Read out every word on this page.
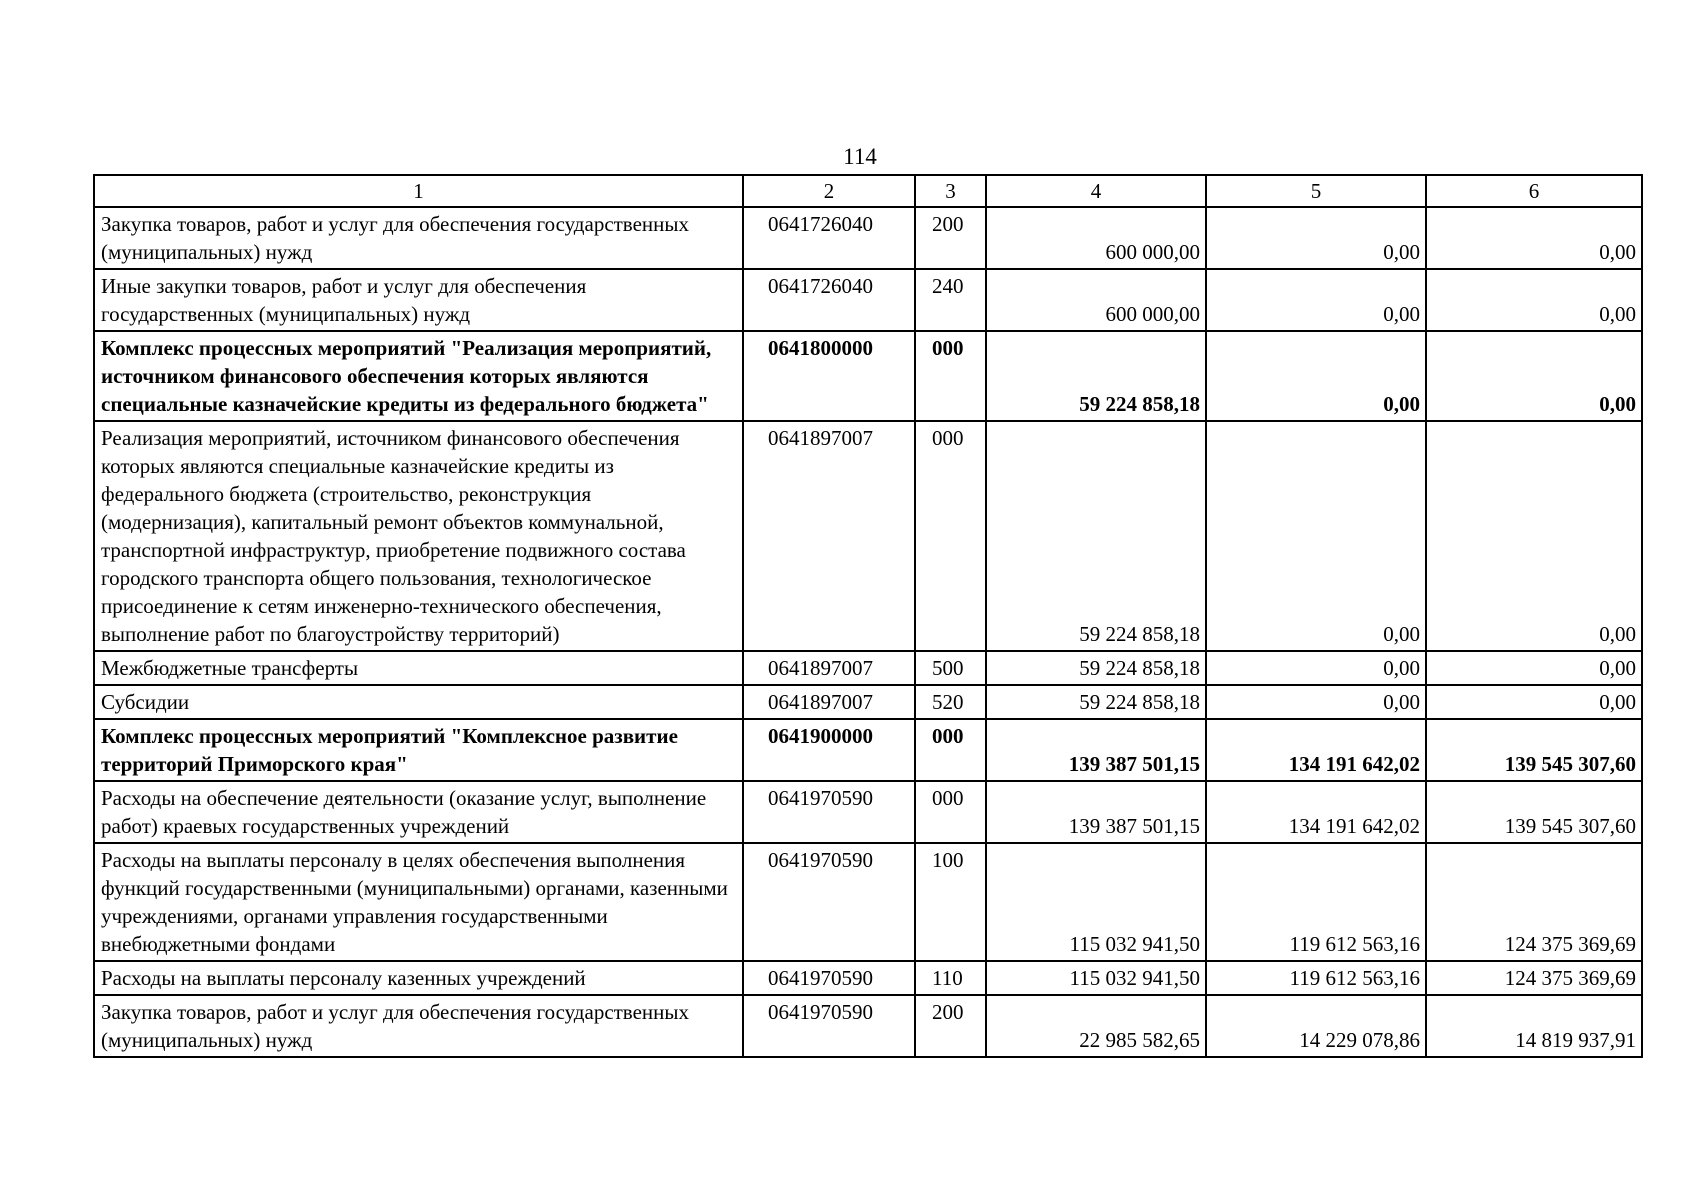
114
1	2	3	4	5	6
Закупка товаров, работ и услуг для обеспечения государственных (муниципальных) нужд	0641726040	200	600 000,00	0,00	0,00
Иные закупки товаров, работ и услуг для обеспечения государственных (муниципальных) нужд	0641726040	240	600 000,00	0,00	0,00
Комплекс процессных мероприятий "Реализация мероприятий, источником финансового обеспечения которых являются специальные казначейские кредиты из федерального бюджета"	0641800000	000	59 224 858,18	0,00	0,00
Реализация мероприятий, источником финансового обеспечения которых являются специальные казначейские кредиты из федерального бюджета (строительство, реконструкция (модернизация), капитальный ремонт объектов коммунальной, транспортной инфраструктур, приобретение подвижного состава городского транспорта общего пользования, технологическое присоединение к сетям инженерно-технического обеспечения, выполнение работ по благоустройству территорий)	0641897007	000	59 224 858,18	0,00	0,00
Межбюджетные трансферты	0641897007	500	59 224 858,18	0,00	0,00
Субсидии	0641897007	520	59 224 858,18	0,00	0,00
Комплекс процессных мероприятий "Комплексное развитие территорий Приморского края"	0641900000	000	139 387 501,15	134 191 642,02	139 545 307,60
Расходы на обеспечение деятельности (оказание услуг, выполнение работ) краевых государственных учреждений	0641970590	000	139 387 501,15	134 191 642,02	139 545 307,60
Расходы на выплаты персоналу в целях обеспечения выполнения функций государственными (муниципальными) органами, казенными учреждениями, органами управления государственными внебюджетными фондами	0641970590	100	115 032 941,50	119 612 563,16	124 375 369,69
Расходы на выплаты персоналу казенных учреждений	0641970590	110	115 032 941,50	119 612 563,16	124 375 369,69
Закупка товаров, работ и услуг для обеспечения государственных (муниципальных) нужд	0641970590	200	22 985 582,65	14 229 078,86	14 819 937,91
